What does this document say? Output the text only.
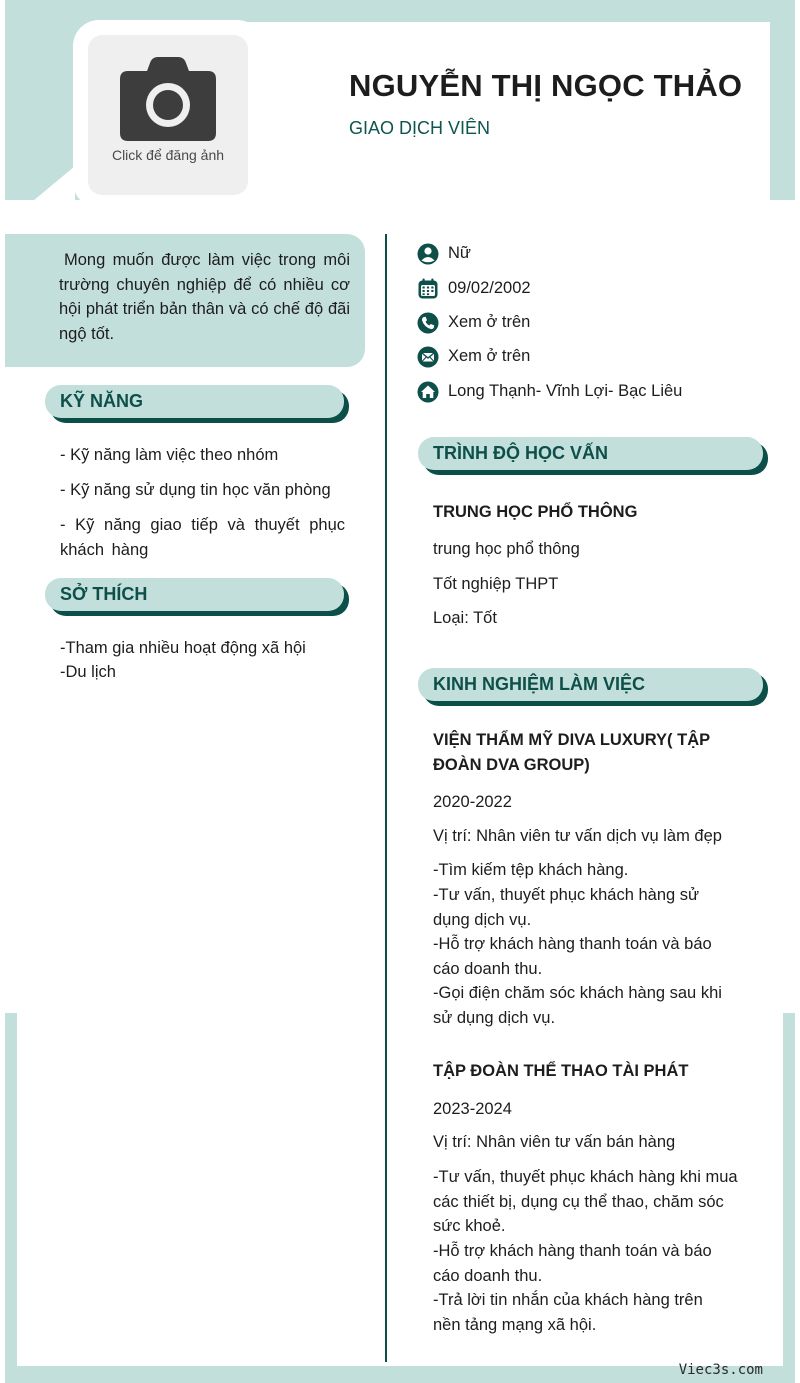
Click để đăng ảnh
NGUYỄN THỊ NGỌC THẢO
GIAO DỊCH VIÊN

Mong muốn được làm việc trong môi trường chuyên nghiệp để có nhiều cơ hội phát triển bản thân và có chế độ đãi ngộ tốt.

KỸ NĂNG
- Kỹ năng làm việc theo nhóm
- Kỹ năng sử dụng tin học văn phòng
- Kỹ năng giao tiếp và thuyết phục khách hàng
SỞ THÍCH
-Tham gia nhiều hoạt động xã hội
-Du lịch
Nữ
09/02/2002
Xem ở trên
Xem ở trên
Long Thạnh- Vĩnh Lợi- Bạc Liêu
TRÌNH ĐỘ HỌC VẤN
TRUNG HỌC PHỔ THÔNG
trung học phổ thông
Tốt nghiệp THPT
Loại: Tốt
KINH NGHIỆM LÀM VIỆC
VIỆN THẨM MỸ DIVA LUXURY( TẬP ĐOÀN DVA GROUP)
2020-2022
Vị trí: Nhân viên tư vấn dịch vụ làm đẹp
-Tìm kiếm tệp khách hàng.
-Tư vấn, thuyết phục khách hàng sử dụng dịch vụ.
-Hỗ trợ khách hàng thanh toán và báo cáo doanh thu.
-Gọi điện chăm sóc khách hàng sau khi sử dụng dịch vụ.
TẬP ĐOÀN THỂ THAO TÀI PHÁT
2023-2024
Vị trí: Nhân viên tư vấn bán hàng
-Tư vấn, thuyết phục khách hàng khi mua các thiết bị, dụng cụ thể thao, chăm sóc sức khoẻ.
-Hỗ trợ khách hàng thanh toán và báo cáo doanh thu.
-Trả lời tin nhắn của khách hàng trên nền tảng mạng xã hội.
Viec3s.com
